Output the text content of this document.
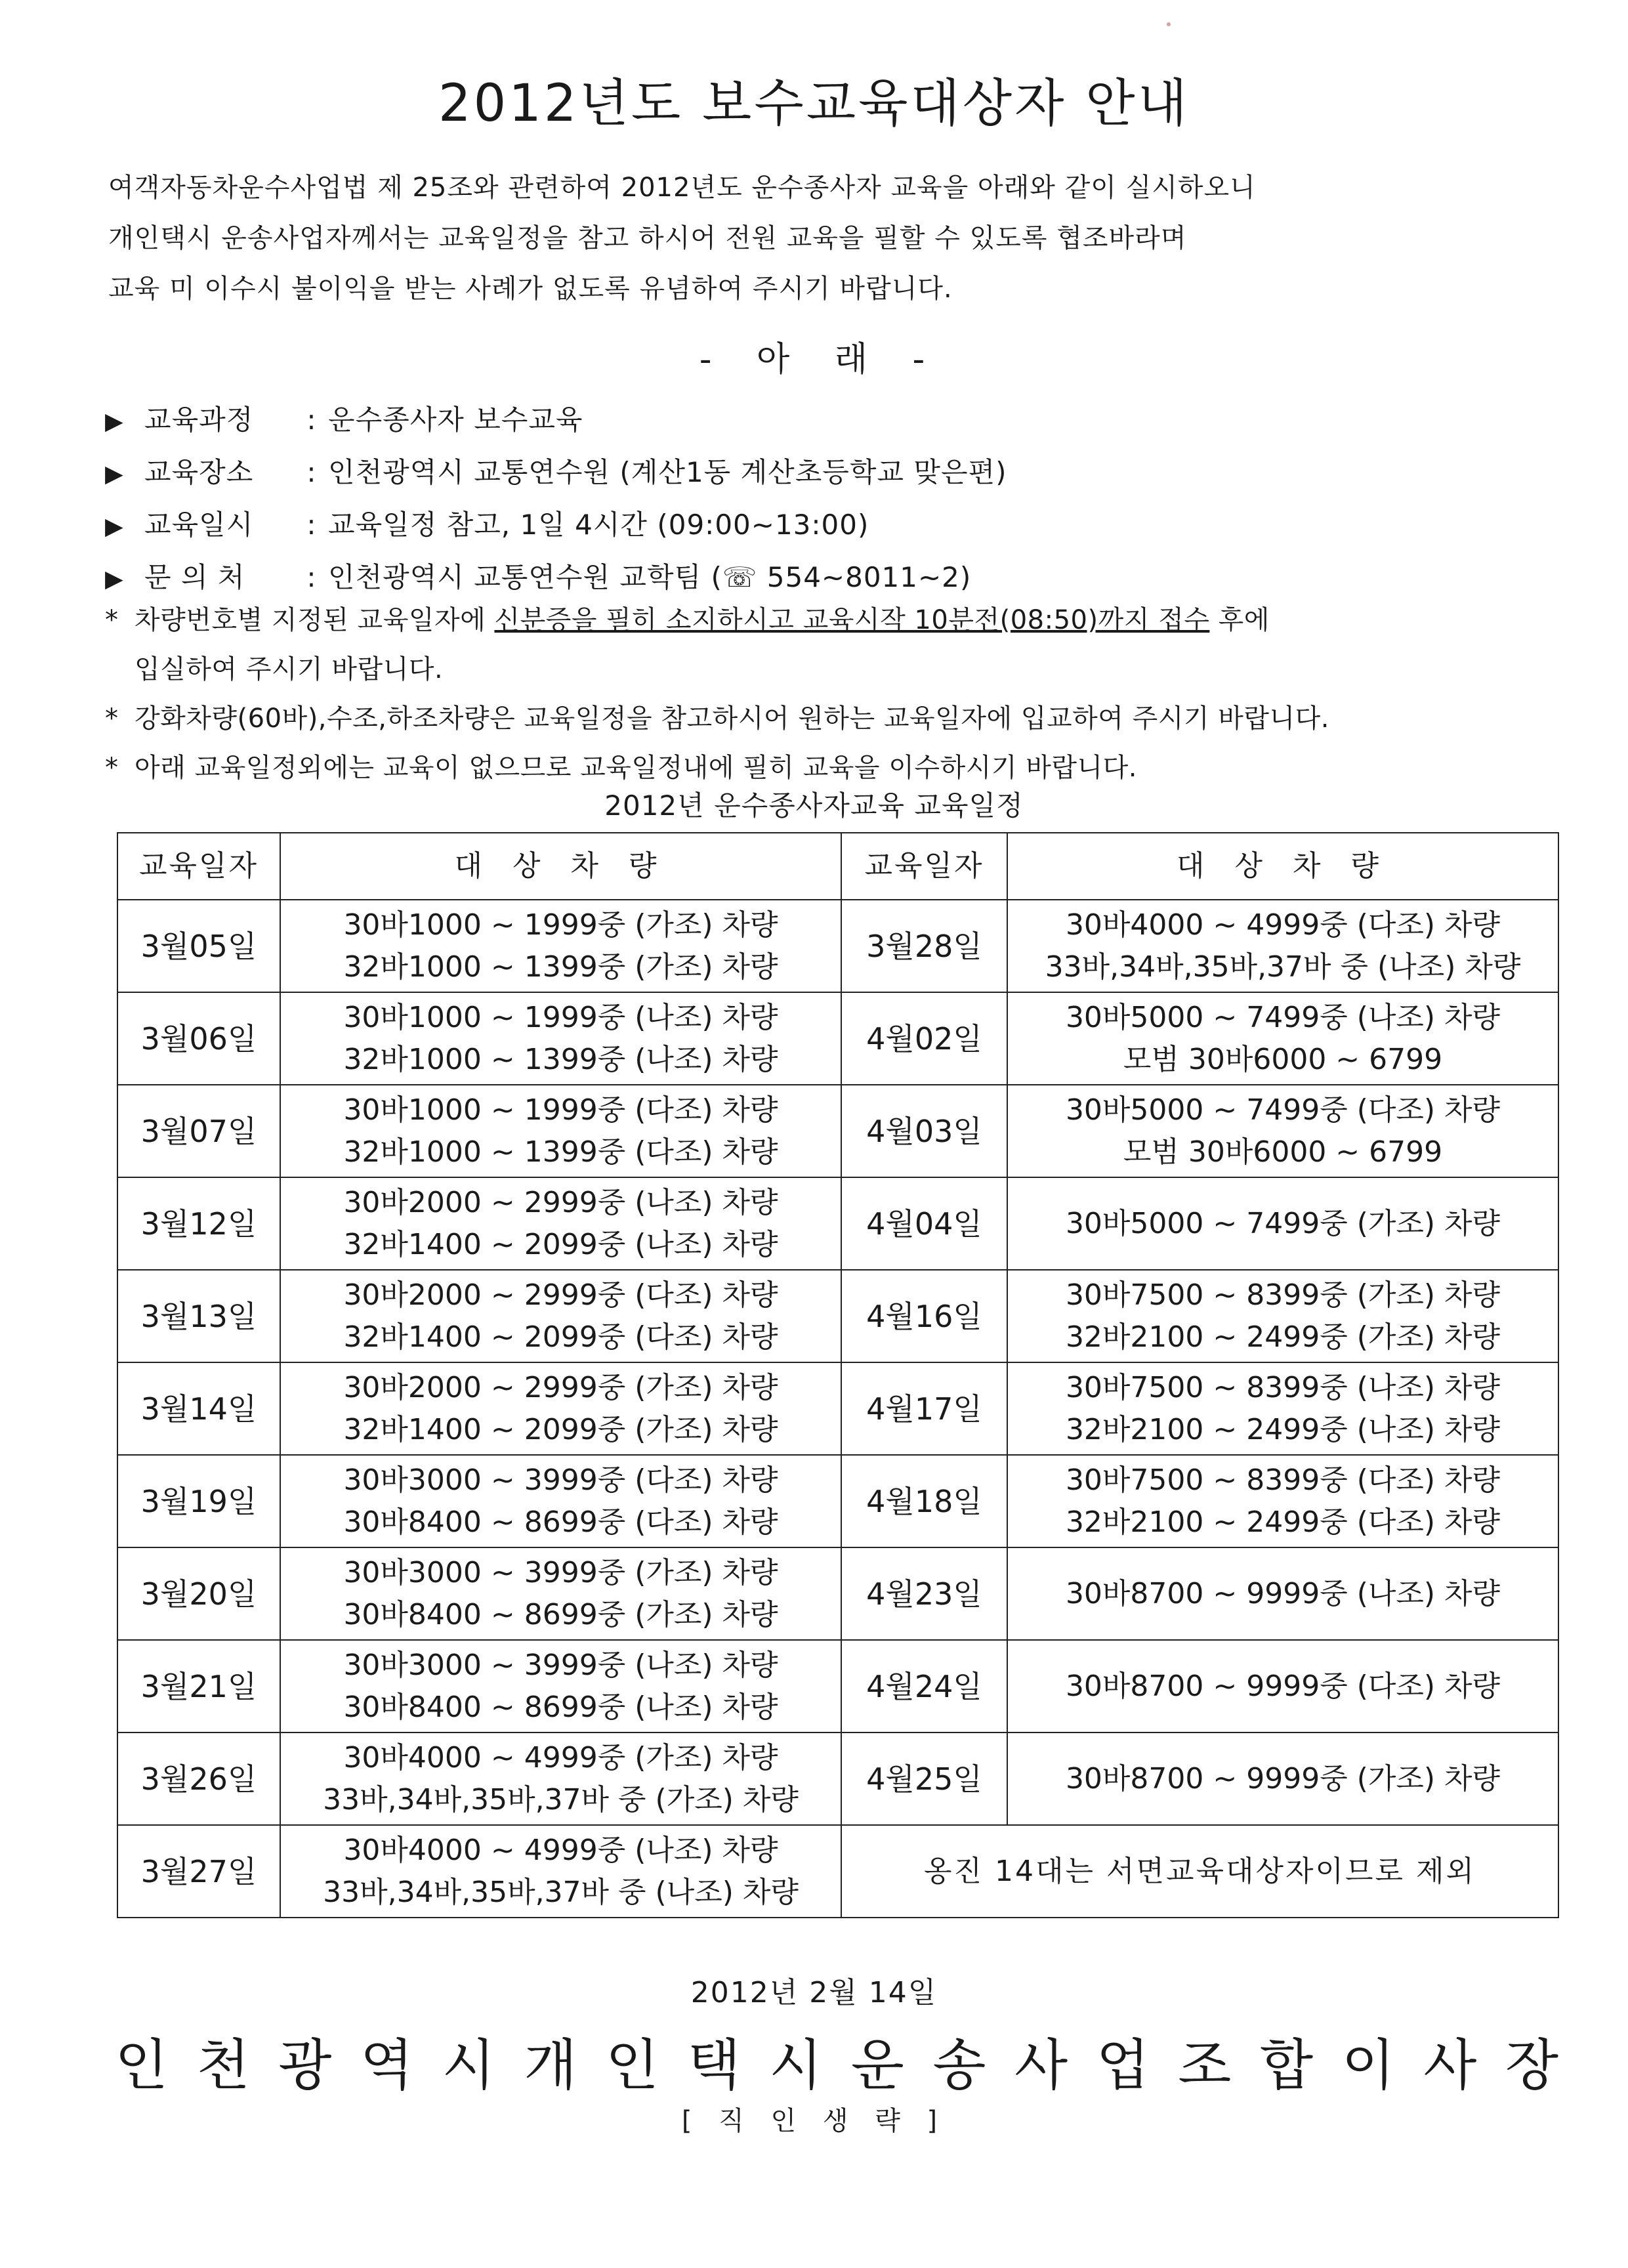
2012년도 보수교육대상자 안내

여객자동차운수사업법 제 25조와 관련하여 2012년도 운수종사자 교육을 아래와 같이 실시하오니

개인택시 운송사업자께서는 교육일정을 참고 하시어 전원 교육을 필할 수 있도록 협조바라며

교육 미 이수시 불이익을 받는 사례가 없도록 유념하여 주시기 바랍니다.

- 아 래 -
▶ 교육과정 : 운수종사자 보수교육
▶ 교육장소 : 인천광역시 교통연수원 (계산1동 계산초등학교 맞은편)
▶ 교육일시 : 교육일정 참고, 1일 4시간 (09:00~13:00)
▶ 문 의 처 : 인천광역시 교통연수원 교학팀 (☏ 554~8011~2)
* 차량번호별 지정된 교육일자에 신분증을 필히 소지하시고 교육시작 10분전(08:50)까지 접수 후에
입실하여 주시기 바랍니다.
* 강화차량(60바),수조,하조차량은 교육일정을 참고하시어 원하는 교육일자에 입교하여 주시기 바랍니다.
* 아래 교육일정외에는 교육이 없으므로 교육일정내에 필히 교육을 이수하시기 바랍니다.
2012년 운수종사자교육 교육일정
교육일자	대 상 차 량	교육일자	대 상 차 량
3월05일	30바1000 ~ 1999중 (가조) 차량
32바1000 ~ 1399중 (가조) 차량	3월28일	30바4000 ~ 4999중 (다조) 차량
33바,34바,35바,37바 중 (나조) 차량

3월06일	30바1000 ~ 1999중 (나조) 차량
32바1000 ~ 1399중 (나조) 차량	4월02일	30바5000 ~ 7499중 (나조) 차량
모범 30바6000 ~ 6799

3월07일	30바1000 ~ 1999중 (다조) 차량
32바1000 ~ 1399중 (다조) 차량	4월03일	30바5000 ~ 7499중 (다조) 차량
모범 30바6000 ~ 6799

3월12일	30바2000 ~ 2999중 (나조) 차량
32바1400 ~ 2099중 (나조) 차량	4월04일	30바5000 ~ 7499중 (가조) 차량

3월13일	30바2000 ~ 2999중 (다조) 차량
32바1400 ~ 2099중 (다조) 차량	4월16일	30바7500 ~ 8399중 (가조) 차량
32바2100 ~ 2499중 (가조) 차량

3월14일	30바2000 ~ 2999중 (가조) 차량
32바1400 ~ 2099중 (가조) 차량	4월17일	30바7500 ~ 8399중 (나조) 차량
32바2100 ~ 2499중 (나조) 차량

3월19일	30바3000 ~ 3999중 (다조) 차량
30바8400 ~ 8699중 (다조) 차량	4월18일	30바7500 ~ 8399중 (다조) 차량
32바2100 ~ 2499중 (다조) 차량

3월20일	30바3000 ~ 3999중 (가조) 차량
30바8400 ~ 8699중 (가조) 차량	4월23일	30바8700 ~ 9999중 (나조) 차량

3월21일	30바3000 ~ 3999중 (나조) 차량
30바8400 ~ 8699중 (나조) 차량	4월24일	30바8700 ~ 9999중 (다조) 차량

3월26일	30바4000 ~ 4999중 (가조) 차량
33바,34바,35바,37바 중 (가조) 차량	4월25일	30바8700 ~ 9999중 (가조) 차량

3월27일	30바4000 ~ 4999중 (나조) 차량
33바,34바,35바,37바 중 (나조) 차량	옹진 14대는 서면교육대상자이므로 제외	
2012년 2월 14일
인 천 광 역 시 개 인 택 시 운 송 사 업 조 합 이 사 장
[ 직 인 생 략 ]
